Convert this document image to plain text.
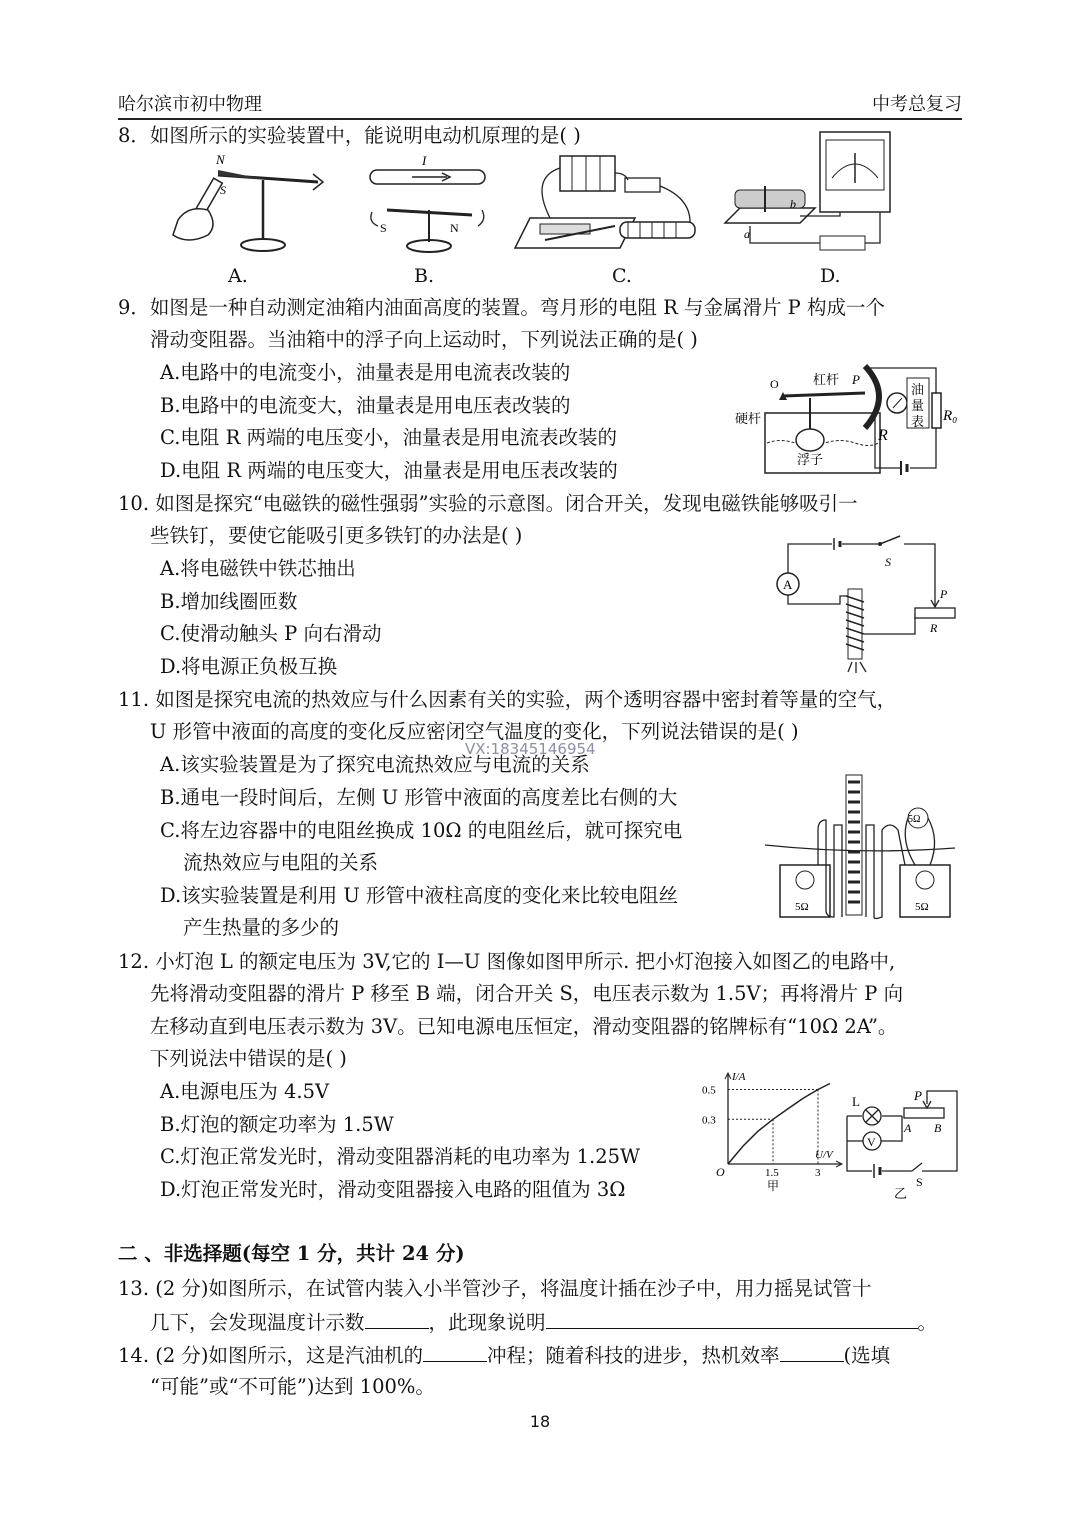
哈尔滨市初中物理	中考总复习
8．如图所示的实验装置中，能说明电动机原理的是( )
N
S
I
S	N	a
b
A.	B.	C.	D.
9．如图是一种自动测定油箱内油面高度的装置。弯月形的电阻 R 与金属滑片 P 构成一个
滑动变阻器。当油箱中的浮子向上运动时，下列说法正确的是( )
A.电路中的电流变小，油量表是用电流表改装的
B.电路中的电流变大，油量表是用电压表改装的
C.电阻 R 两端的电压变小，油量表是用电流表改装的
D.电阻 R 两端的电压变大，油量表是用电压表改装的	浮子
O	杠杆 P
硬杆
R
油
量
表 R₀
10. 如图是探究“电磁铁的磁性强弱”实验的示意图。闭合开关，发现电磁铁能够吸引一
些铁钉，要使它能吸引更多铁钉的办法是( )
A.将电磁铁中铁芯抽出
B.增加线圈匝数
C.使滑动触头 P 向右滑动
D.将电源正负极互换
S
A
P
R
11. 如图是探究电流的热效应与什么因素有关的实验，两个透明容器中密封着等量的空气，
U 形管中液面的高度的变化反应密闭空气温度的变化，下列说法错误的是( )
VX:18345146954
A.该实验装置是为了探究电流热效应与电流的关系
B.通电一段时间后，左侧 U 形管中液面的高度差比右侧的大
C.将左边容器中的电阻丝换成 10Ω 的电阻丝后，就可探究电
流热效应与电阻的关系
D.该实验装置是利用 U 形管中液柱高度的变化来比较电阻丝
产生热量的多少的
5Ω	5Ω
5Ω
12. 小灯泡 L 的额定电压为 3V,它的 I—U 图像如图甲所示. 把小灯泡接入如图乙的电路中,
先将滑动变阻器的滑片 P 移至 B 端，闭合开关 S，电压表示数为 1.5V；再将滑片 P 向
左移动直到电压表示数为 3V。已知电源电压恒定，滑动变阻器的铭牌标有“10Ω 2A”。
下列说法中错误的是( )
A.电源电压为 4.5V
B.灯泡的额定功率为 1.5W
C.灯泡正常发光时，滑动变阻器消耗的电功率为 1.25W
D.灯泡正常发光时，滑动变阻器接入电路的阻值为 3Ω
0.5
0.3
O	1.5	3
I/A
U/V
甲
L
V
P
A B
S
乙
二 、非选择题(每空 1 分，共计 24 分)
13. (2 分)如图所示，在试管内装入小半管沙子，将温度计插在沙子中，用力摇晃试管十
几下，会发现温度计示数	，此现象说明	。
14. (2 分)如图所示，这是汽油机的	冲程；随着科技的进步，热机效率	(选填
“可能”或“不可能”)达到 100%。
18
